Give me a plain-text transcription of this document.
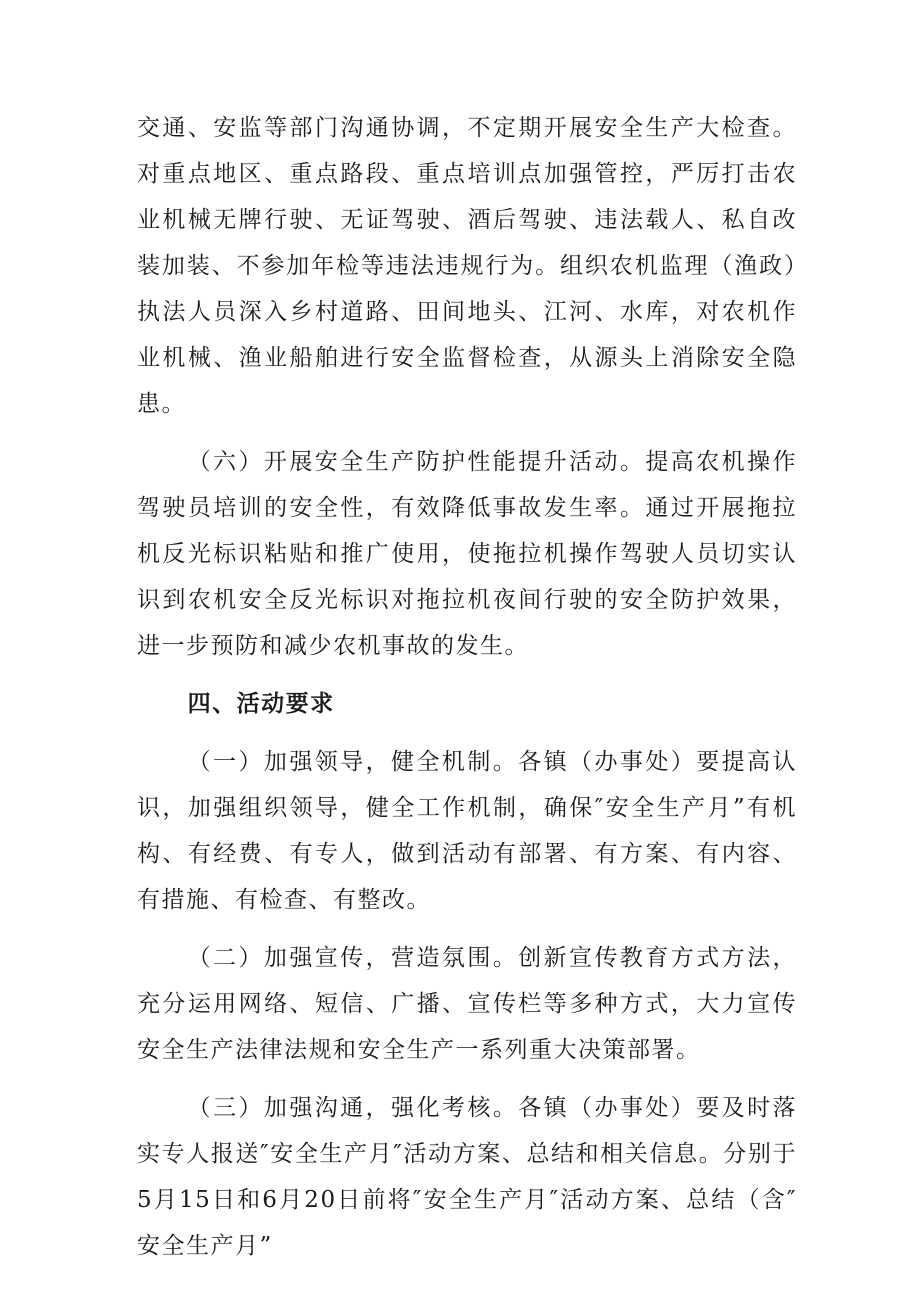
交通、安监等部门沟通协调，不定期开展安全生产大检查。对重点地区、重点路段、重点培训点加强管控，严厉打击农业机械无牌行驶、无证驾驶、酒后驾驶、违法载人、私自改装加装、不参加年检等违法违规行为。组织农机监理（渔政）执法人员深入乡村道路、田间地头、江河、水库，对农机作业机械、渔业船舶进行安全监督检查，从源头上消除安全隐患。

（六）开展安全生产防护性能提升活动。提高农机操作驾驶员培训的安全性，有效降低事故发生率。通过开展拖拉机反光标识粘贴和推广使用，使拖拉机操作驾驶人员切实认识到农机安全反光标识对拖拉机夜间行驶的安全防护效果，进一步预防和减少农机事故的发生。

四、活动要求

（一）加强领导，健全机制。各镇（办事处）要提高认识，加强组织领导，健全工作机制，确保″安全生产月”有机构、有经费、有专人，做到活动有部署、有方案、有内容、有措施、有检查、有整改。

（二）加强宣传，营造氛围。创新宣传教育方式方法，充分运用网络、短信、广播、宣传栏等多种方式，大力宣传安全生产法律法规和安全生产一系列重大决策部署。

（三）加强沟通，强化考核。各镇（办事处）要及时落实专人报送″安全生产月″活动方案、总结和相关信息。分别于5月15日和6月20日前将″安全生产月″活动方案、总结（含″安全生产月”
